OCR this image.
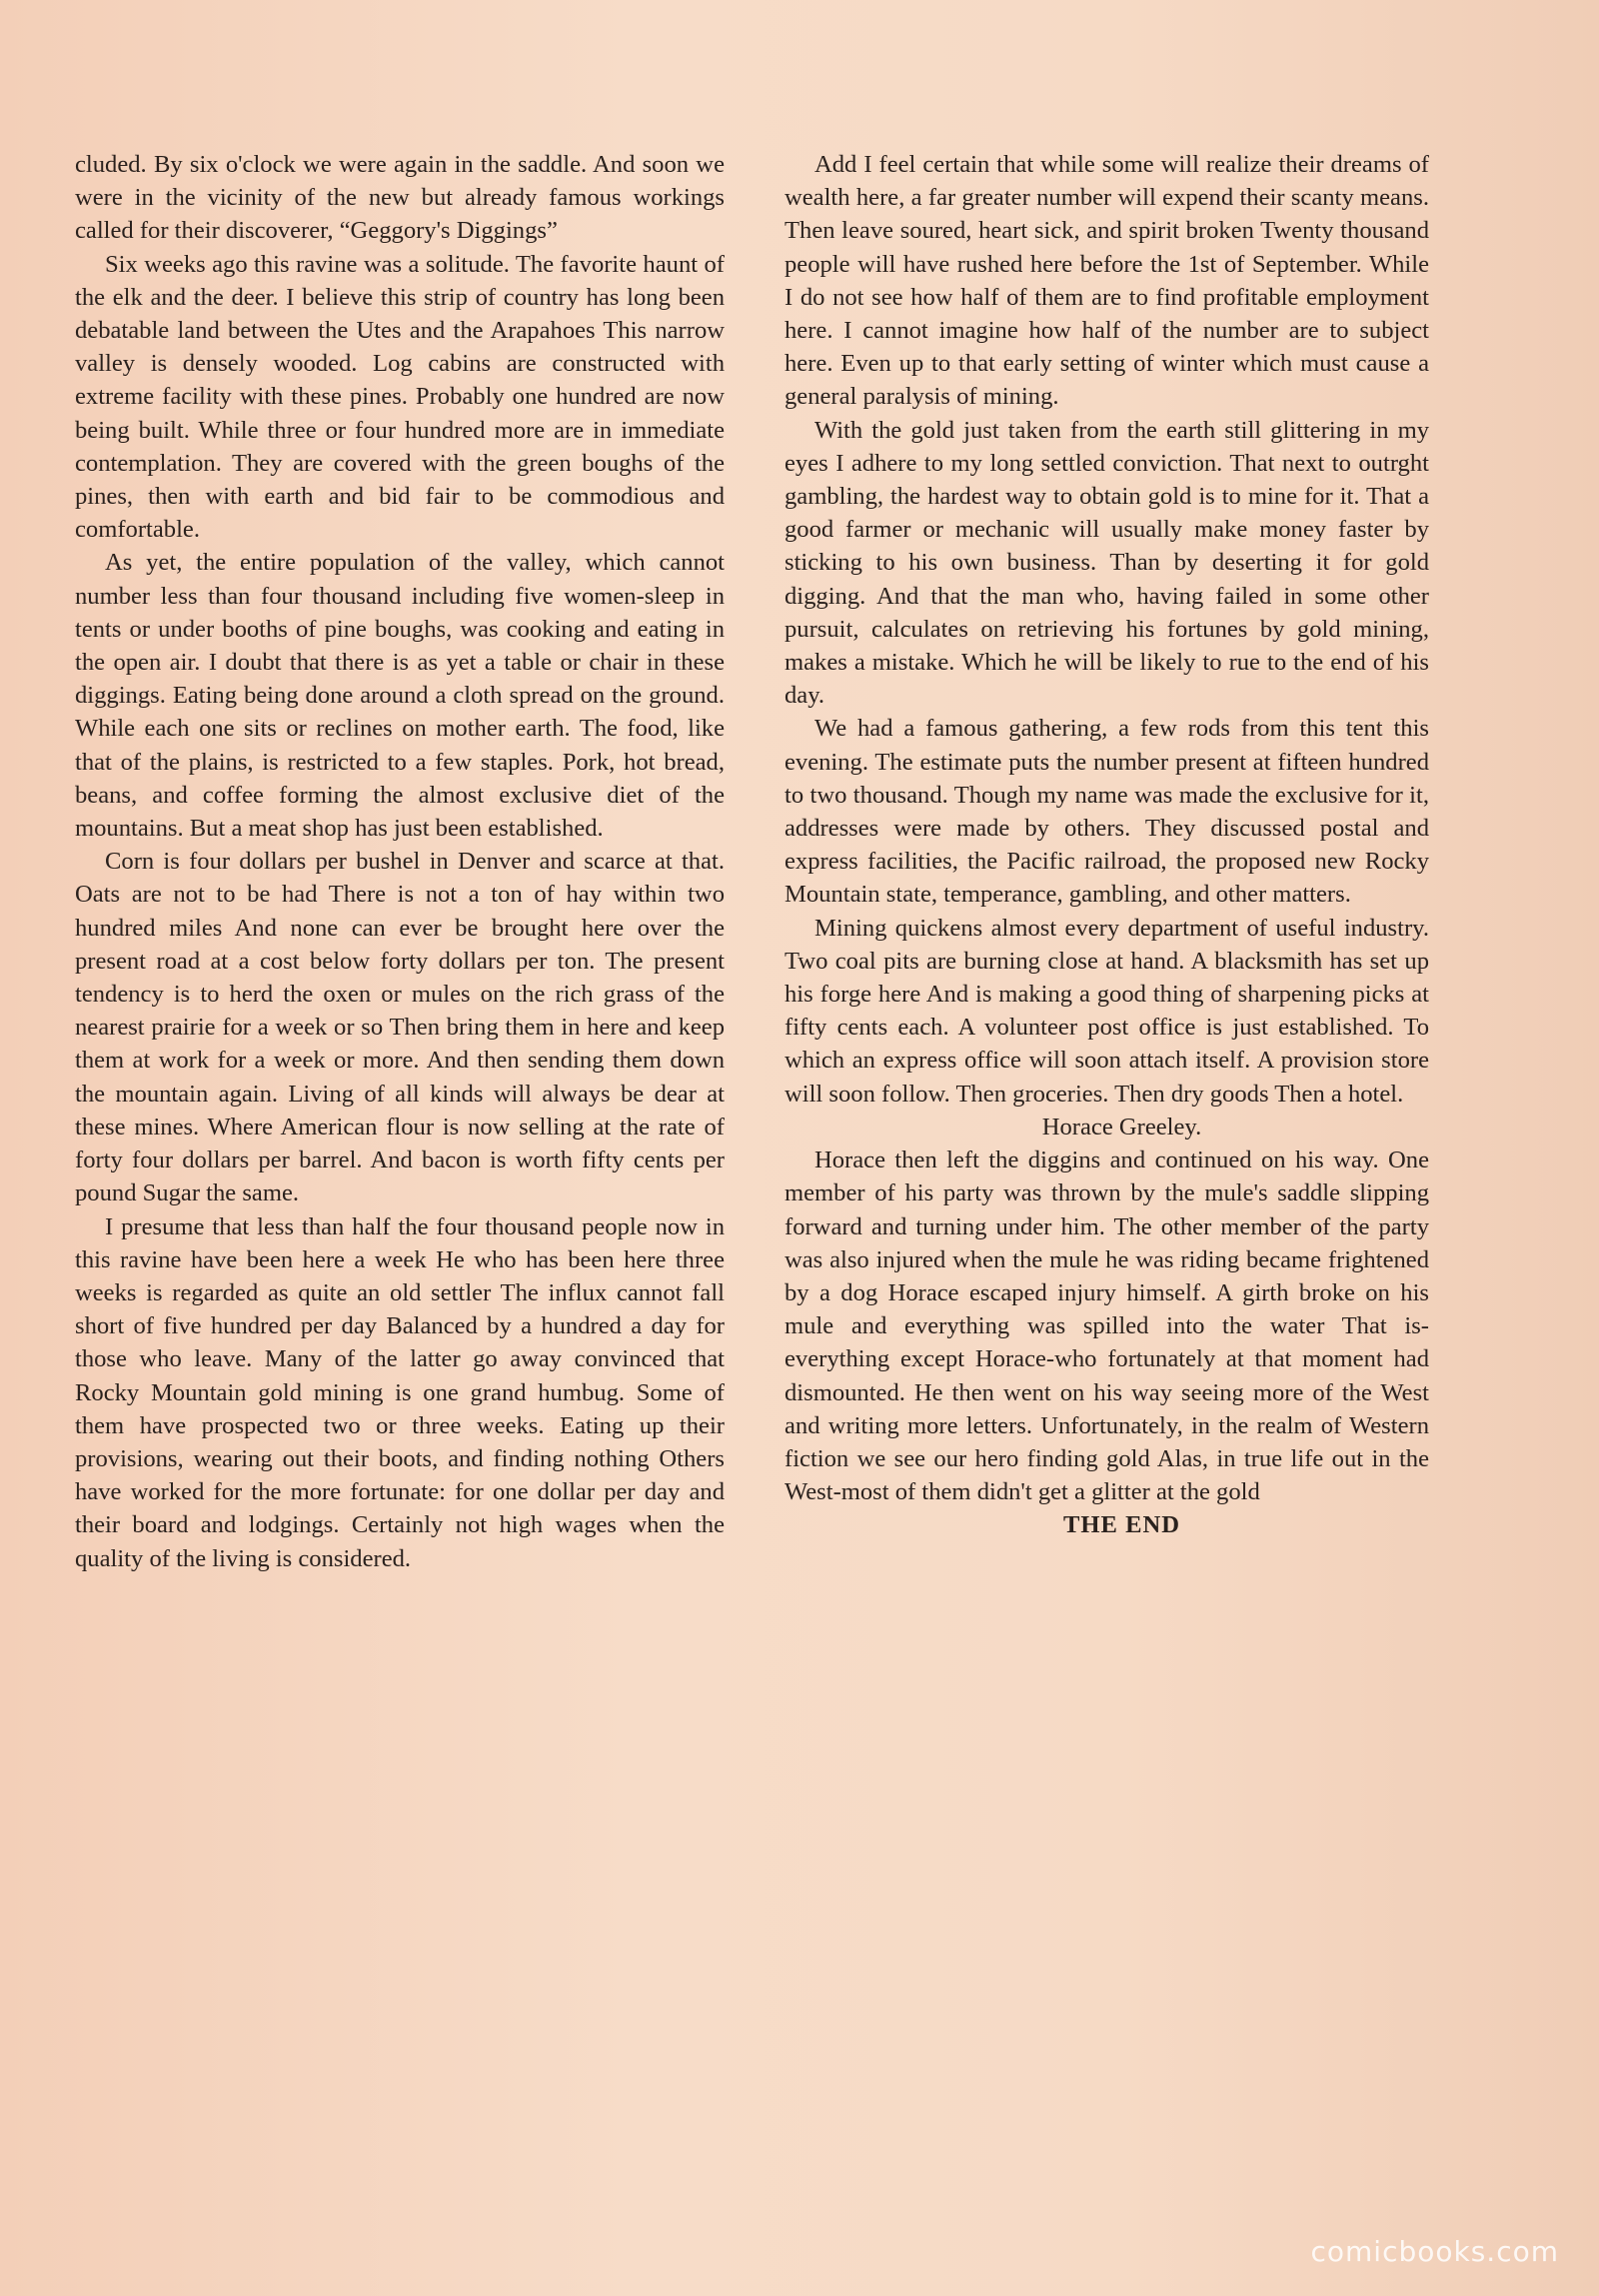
cluded. By six o'clock we were again in the saddle. And soon we were in the vicinity of the new but already famous workings called for their discoverer, “Geggory's Diggings”

Six weeks ago this ravine was a solitude. The favorite haunt of the elk and the deer. I believe this strip of country has long been debatable land between the Utes and the Arapahoes This narrow valley is densely wooded. Log cabins are constructed with extreme facility with these pines. Probably one hundred are now being built. While three or four hundred more are in immediate contemplation. They are covered with the green boughs of the pines, then with earth and bid fair to be commodious and comfortable.

As yet, the entire population of the valley, which cannot number less than four thousand including five women-sleep in tents or under booths of pine boughs, was cooking and eating in the open air. I doubt that there is as yet a table or chair in these diggings. Eating being done around a cloth spread on the ground. While each one sits or reclines on mother earth. The food, like that of the plains, is restricted to a few staples. Pork, hot bread, beans, and coffee forming the almost exclusive diet of the mountains. But a meat shop has just been established.

Corn is four dollars per bushel in Denver and scarce at that. Oats are not to be had There is not a ton of hay within two hundred miles And none can ever be brought here over the present road at a cost below forty dollars per ton. The present tendency is to herd the oxen or mules on the rich grass of the nearest prairie for a week or so Then bring them in here and keep them at work for a week or more. And then sending them down the mountain again. Living of all kinds will always be dear at these mines. Where American flour is now selling at the rate of forty four dollars per barrel. And bacon is worth fifty cents per pound Sugar the same.

I presume that less than half the four thousand people now in this ravine have been here a week He who has been here three weeks is regarded as quite an old settler The influx cannot fall short of five hundred per day Balanced by a hundred a day for those who leave. Many of the latter go away convinced that Rocky Mountain gold mining is one grand humbug. Some of them have prospected two or three weeks. Eating up their provisions, wearing out their boots, and finding nothing Others have worked for the more fortunate: for one dollar per day and their board and lodgings. Certainly not high wages when the quality of the living is considered.

Add I feel certain that while some will realize their dreams of wealth here, a far greater number will expend their scanty means. Then leave soured, heart sick, and spirit broken Twenty thousand people will have rushed here before the 1st of September. While I do not see how half of them are to find profitable employment here. I cannot imagine how half of the number are to subject here. Even up to that early setting of winter which must cause a general paralysis of mining.

With the gold just taken from the earth still glittering in my eyes I adhere to my long settled conviction. That next to outrght gambling, the hardest way to obtain gold is to mine for it. That a good farmer or mechanic will usually make money faster by sticking to his own business. Than by deserting it for gold digging. And that the man who, having failed in some other pursuit, calculates on retrieving his fortunes by gold mining, makes a mistake. Which he will be likely to rue to the end of his day.

We had a famous gathering, a few rods from this tent this evening. The estimate puts the number present at fifteen hundred to two thousand. Though my name was made the exclusive for it, addresses were made by others. They discussed postal and express facilities, the Pacific railroad, the proposed new Rocky Mountain state, temperance, gambling, and other matters.

Mining quickens almost every department of useful industry. Two coal pits are burning close at hand. A blacksmith has set up his forge here And is making a good thing of sharpening picks at fifty cents each. A volunteer post office is just established. To which an express office will soon attach itself. A provision store will soon follow. Then groceries. Then dry goods Then a hotel.

Horace Greeley.

Horace then left the diggins and continued on his way. One member of his party was thrown by the mule's saddle slipping forward and turning under him. The other member of the party was also injured when the mule he was riding became frightened by a dog Horace escaped injury himself. A girth broke on his mule and everything was spilled into the water That is-everything except Horace-who fortunately at that moment had dismounted. He then went on his way seeing more of the West and writing more letters. Unfortunately, in the realm of Western fiction we see our hero finding gold Alas, in true life out in the West-most of them didn't get a glitter at the gold

THE END

comicbooks.com
